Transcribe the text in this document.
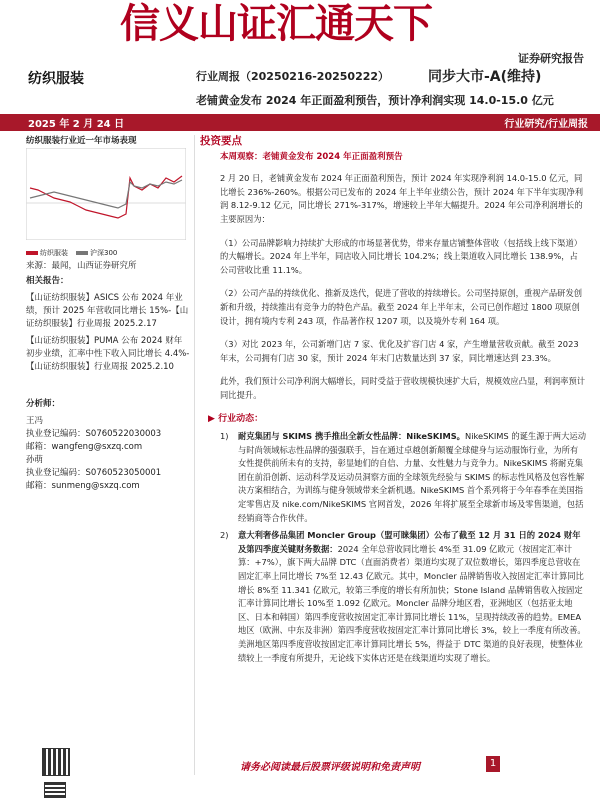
信义山证汇通天下
证券研究报告
纺织服装	行业周报（20250216-20250222）	同步大市-A(维持)
老铺黄金发布 2024 年正面盈利预告，预计净利润实现 14.0-15.0 亿元
2025 年 2 月 24 日	行业研究/行业周报
纺织服装行业近一年市场表现
纺织服装	沪深300
来源：最闻，山西证券研究所
相关报告：
【山证纺织服装】ASICS 公布 2024 年业绩，预计 2025 年营收同比增长 15%-【山证纺织服装】行业周报 2025.2.17
【山证纺织服装】PUMA 公布 2024 财年初步业绩，汇率中性下收入同比增长 4.4%-【山证纺织服装】行业周报 2025.2.10
分析师：
王冯
执业登记编码：S0760522030003
邮箱：wangfeng@sxzq.com
孙萌
执业登记编码：S0760523050001
邮箱：sunmeng@sxzq.com
投资要点
本周观察：老铺黄金发布 2024 年正面盈利预告

2 月 20 日，老铺黄金发布 2024 年正面盈利预告，预计 2024 年实现净利润 14.0-15.0 亿元，同比增长 236%-260%。根据公司已发布的 2024 年上半年业绩公告，预计 2024 年下半年实现净利润 8.12-9.12 亿元，同比增长 271%-317%，增速较上半年大幅提升。2024 年公司净利润增长的主要原因为：

（1）公司品牌影响力持续扩大形成的市场显著优势，带来存量店铺整体营收（包括线上线下渠道）的大幅增长。2024 年上半年，同店收入同比增长 104.2%；线上渠道收入同比增长 138.9%，占公司营收比重 11.1%。

（2）公司产品的持续优化、推新及迭代，促进了营收的持续增长。公司坚持原创，重视产品研发创新和升级，持续推出有竞争力的特色产品。截至 2024 年上半年末，公司已创作超过 1800 项原创设计，拥有境内专利 243 项，作品著作权 1207 项，以及境外专利 164 项。

（3）对比 2023 年，公司新增门店 7 家、优化及扩容门店 4 家，产生增量营收贡献。截至 2023 年末，公司拥有门店 30 家，预计 2024 年末门店数量达到 37 家，同比增速达到 23.3%。

此外，我们预计公司净利润大幅增长，同时受益于营收规模快速扩大后，规模效应凸显，利润率预计同比提升。

▶ 行业动态：
1)	耐克集团与 SKIMS 携手推出全新女性品牌：NikeSKIMS。NikeSKIMS 的诞生源于两大运动与时尚领域标志性品牌的强强联手，旨在通过卓越创新颠覆全球健身与运动服饰行业，为所有女性提供前所未有的支持，彰显她们的自信、力量、女性魅力与竞争力。NikeSKIMS 将耐克集团在前沿创新、运动科学及运动员洞察方面的全球领先经验与 SKIMS 的标志性风格及包容性解决方案相结合，为训练与健身领域带来全新机遇。NikeSKIMS 首个系列将于今年春季在美国指定零售店及 nike.com/NikeSKIMS 官网首发，2026 年将扩展至全球新市场及零售渠道，包括经销商等合作伙伴。
2)	意大利奢侈品集团 Moncler Group（盟可睐集团）公布了截至 12 月 31 日的 2024 财年及第四季度关键财务数据：2024 全年总营收同比增长 4%至 31.09 亿欧元（按固定汇率计算：+7%），旗下两大品牌 DTC（直面消费者）渠道均实现了双位数增长，第四季度总营收在固定汇率上同比增长 7%至 12.43 亿欧元。其中，Moncler 品牌销售收入按固定汇率计算同比增长 8%至 11.341 亿欧元，较第三季度的增长有所加快；Stone Island 品牌销售收入按固定汇率计算同比增长 10%至 1.092 亿欧元。Moncler 品牌分地区看，亚洲地区（包括亚太地区、日本和韩国）第四季度营收按固定汇率计算同比增长 11%，呈现持续改善的趋势。EMEA 地区（欧洲、中东及非洲）第四季度营收按固定汇率计算同比增长 3%，较上一季度有所改善。美洲地区第四季度营收按固定汇率计算同比增长 5%，得益于 DTC 渠道的良好表现，使整体业绩较上一季度有所提升，无论线下实体店还是在线渠道均实现了增长。
请务必阅读最后股票评级说明和免责声明	1
